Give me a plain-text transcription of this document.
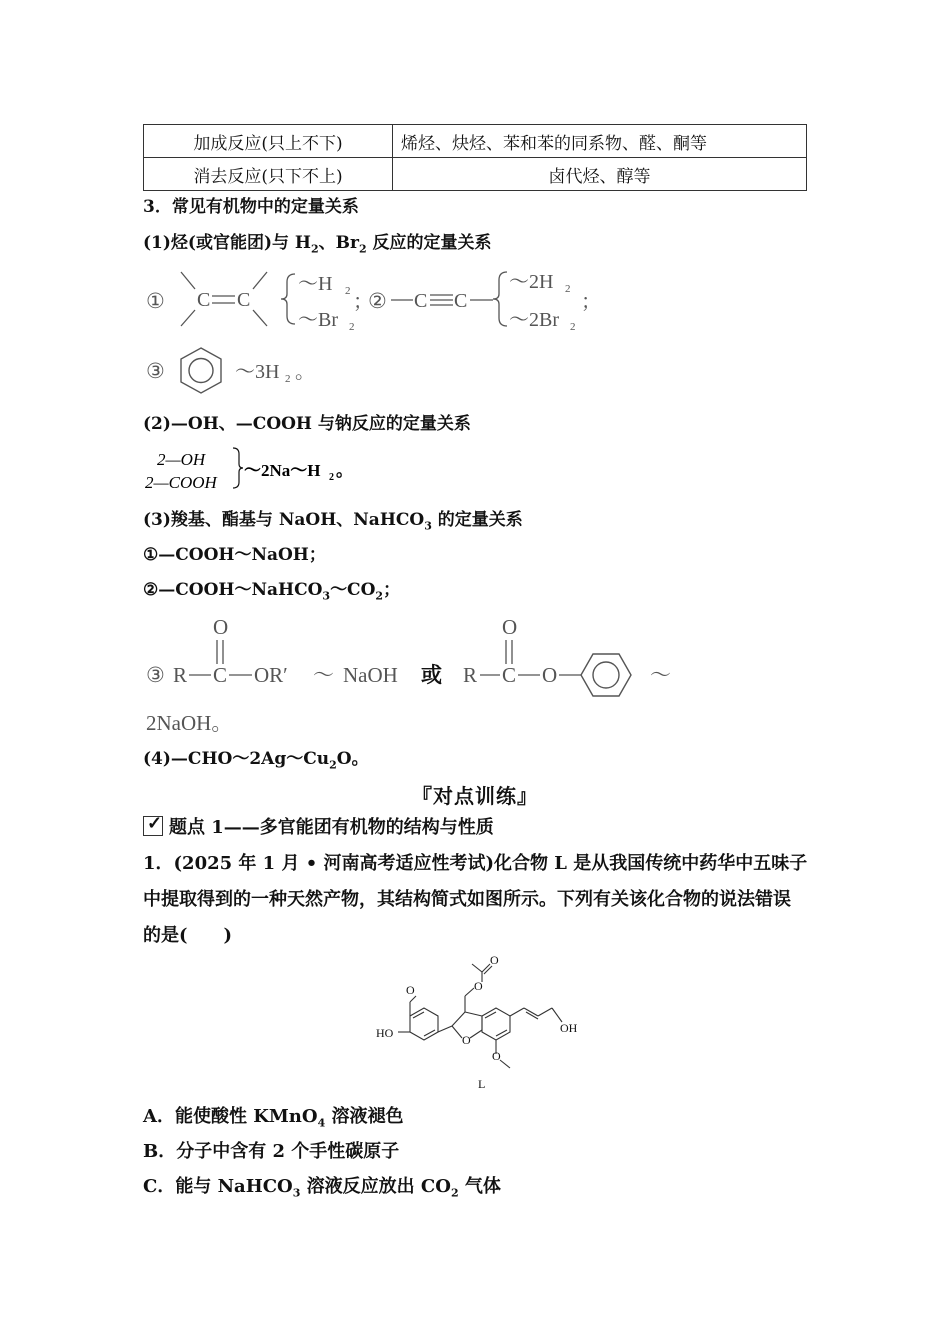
加成反应(只上不下)	烯烃、炔烃、苯和苯的同系物、醛、酮等
消去反应(只下不上)	卤代烃、醇等
3．常见有机物中的定量关系
(1)烃(或官能团)与 $H_2$、$Br_2$ 反应的定量关系
① C C
～H 2
～Br 2
；
② C C
～2H 2
～2Br 2
；
③	～3H 2 。
(2)—OH、—COOH 与钠反应的定量关系
2—OH
2—COOH
～2Na～H 2 。
(3)羧基、酯基与 NaOH、NaHCO$_3$ 的定量关系
①—COOH～NaOH；
$②—COOH\sim NaHCO_3\sim CO_2$；
③
O
R C OR′ ～ NaOH 或 R
O
C O	～
2NaOH。
$(4)—CHO\sim 2Ag\sim Cu_2O$。
『对点训练』
✓ 题点 1——多官能团有机物的结构与性质
1．(2025 年 1 月 • 河南高考适应性考试)化合物 L 是从我国传统中药华中五味子中提取得到的一种天然产物，其结构简式如图所示。下列有关该化合物的说法错误的是(　　)
HO
O
O
O
O
O
OH
L
A．能使酸性 KMnO$_4$ 溶液褪色
B．分子中含有 2 个手性碳原子
C．能与 NaHCO$_3$ 溶液反应放出 $CO_2$ 气体
